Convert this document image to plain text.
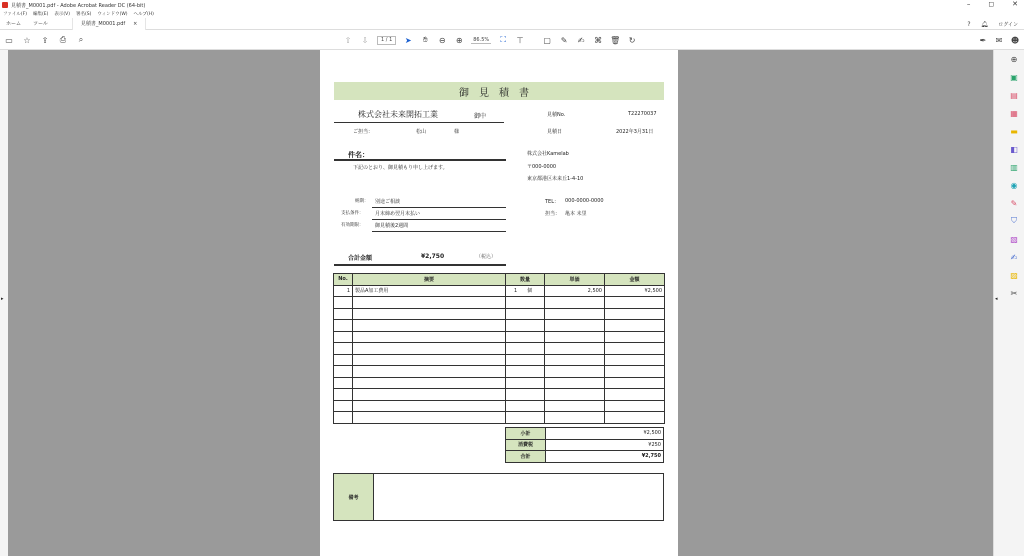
見積書_M0001.pdf - Adobe Acrobat Reader DC (64-bit)	–	◻	✕
ファイル(F) 編集(E) 表示(V) 署名(S) ウィンドウ(W) ヘルプ(H)
ホーム	ツール	見積書_M0001.pdf ×	? 🔔︎ ログイン
▭ ☆ ⇪ ⎙	⌕	⇧ ⇩	1
/
1 ➤	✋︎	⊖ ⊕	86.5% ⛶ ⊤ ▢ ✎ ✍ ⌘ 🗑︎ ↻	✒ ✉ ☻
▸	◂
⊕
▣
▤
▦
▬
◧
▥
◉
✎
⛉
▧
✍
▨
✂
御見積書
株式会社未来開拓工業	御中
ご担当：	松山	様
見積No.	T22270037
見積日	2022年3月31日
件名：
下記のとおり、御見積もり申し上げます。
株式会社Kamelab
〒000-0000
東京都港区未来丘1-4-10
TEL： 000-0000-0000
担当： 亀本 未里
納期： 別途ご相談
支払条件： 月末締め翌月末払い
有効期限： 御見積後2週間
合計金額	¥2,750	（税込）
No.	摘要	数量	単価	金額
1	製品A加工費用	1　　個	2,500	¥2,500

小計	¥2,500
消費税	¥250
合計	¥2,750
備考
